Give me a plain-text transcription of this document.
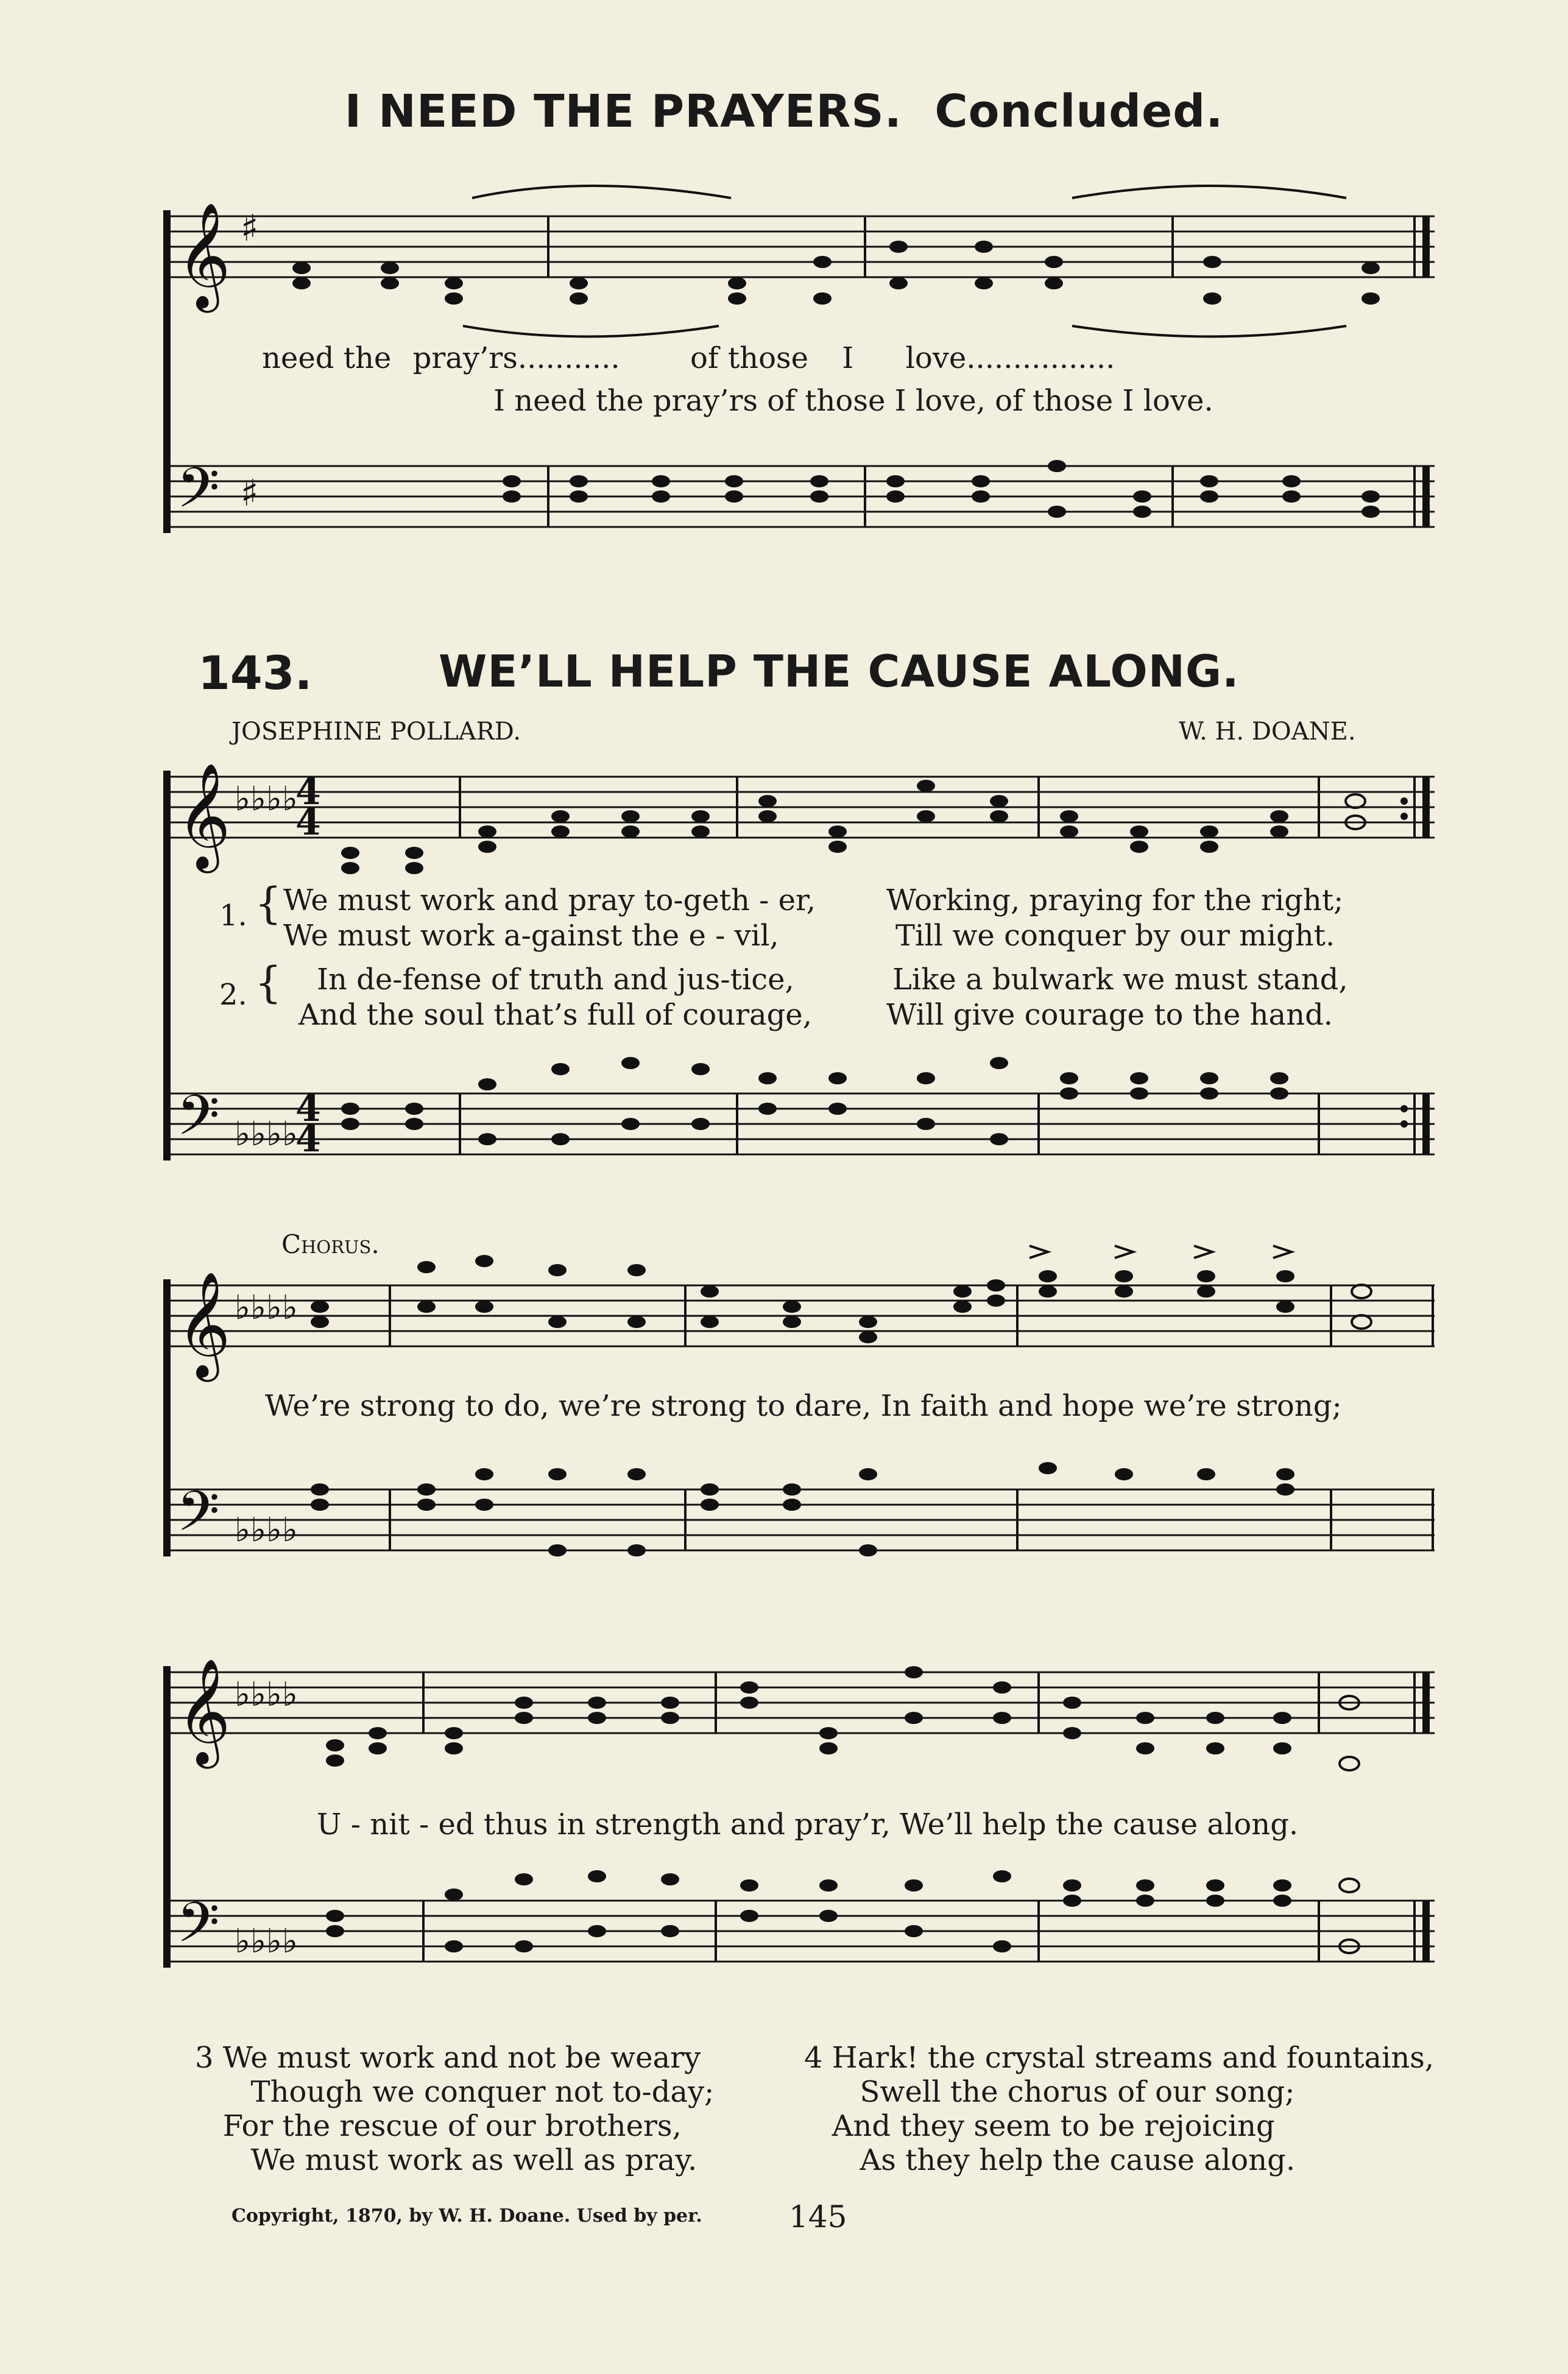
I NEED THE PRAYERS. Concluded.
𝄞
𝄢
𝄞
𝄢
𝄞
𝄢
𝄞
𝄢
♯
♯
♭♭♭♭
♭♭♭♭
♭♭♭♭
♭♭♭♭
♭♭♭♭
♭♭♭♭
4
4
4
4
need the pray’rs........... of those I love................
I need the pray’rs of those I love, of those I love.
143.	WE’LL HELP THE CAUSE ALONG.
JOSEPHINE POLLARD.	W. H. DOANE.
1. { We must work and pray to-geth - er, Working, praying for the right;
We must work a-gainst the e - vil,	Till we conquer by our might.
2. { In de-fense of truth and jus-tice,	Like a bulwark we must stand,
And the soul that’s full of courage,	Will give courage to the hand.
Chorus.
We’re strong to do, we’re strong to dare, In faith and hope we’re strong;
U - nit - ed thus in strength and pray’r, We’ll help the cause along.
3 We must work and not be weary
Though we conquer not to-day;
For the rescue of our brothers,
We must work as well as pray.
4 Hark! the crystal streams and fountains,
Swell the chorus of our song;
And they seem to be rejoicing
As they help the cause along.
Copyright, 1870, by W. H. Doane. Used by per.	145
